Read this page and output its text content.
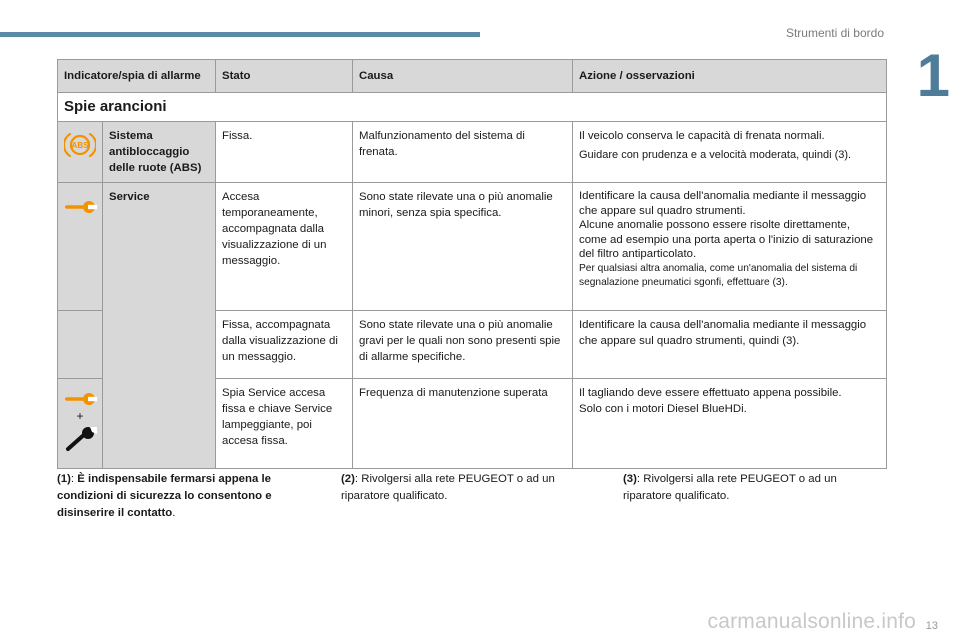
Strumenti di bordo
1
Indicatore/spia di allarme		Stato	Causa	Azione / osservazioni
Spie arancioni				

ABS	Sistema antibloccaggio delle ruote (ABS)	Fissa.	Malfunzionamento del sistema di frenata.	Il veicolo conserva le capacità di frenata normali.
Guidare con prudenza e a velocità moderata, quindi (3).

	Service	Accesa temporaneamente, accompagnata dalla visualizzazione di un messaggio.	Sono state rilevate una o più anomalie minori, senza spia specifica.	Identificare la causa dell'anomalia mediante il messaggio che appare sul quadro strumenti.
Alcune anomalie possono essere risolte direttamente, come ad esempio una porta aperta o l'inizio di saturazione del filtro antiparticolato.
Per qualsiasi altra anomalia, come un'anomalia del sistema di segnalazione pneumatici sgonfi, effettuare (3).

		Fissa, accompagnata dalla visualizzazione di un messaggio.	Sono state rilevate una o più anomalie gravi per le quali non sono presenti spie di allarme specifiche.	Identificare la causa dell'anomalia mediante il messaggio che appare sul quadro strumenti, quindi (3).

+		Spia Service accesa fissa e chiave Service lampeggiante, poi accesa fissa.	Frequenza di manutenzione superata	Il tagliando deve essere effettuato appena possibile.
Solo con i motori Diesel BlueHDi.
(1): È indispensabile fermarsi appena le condizioni di sicurezza lo consentono e disinserire il contatto.
(2): Rivolgersi alla rete PEUGEOT o ad un riparatore qualificato.
(3): Rivolgersi alla rete PEUGEOT o ad un riparatore qualificato.
carmanualsonline.info 13
